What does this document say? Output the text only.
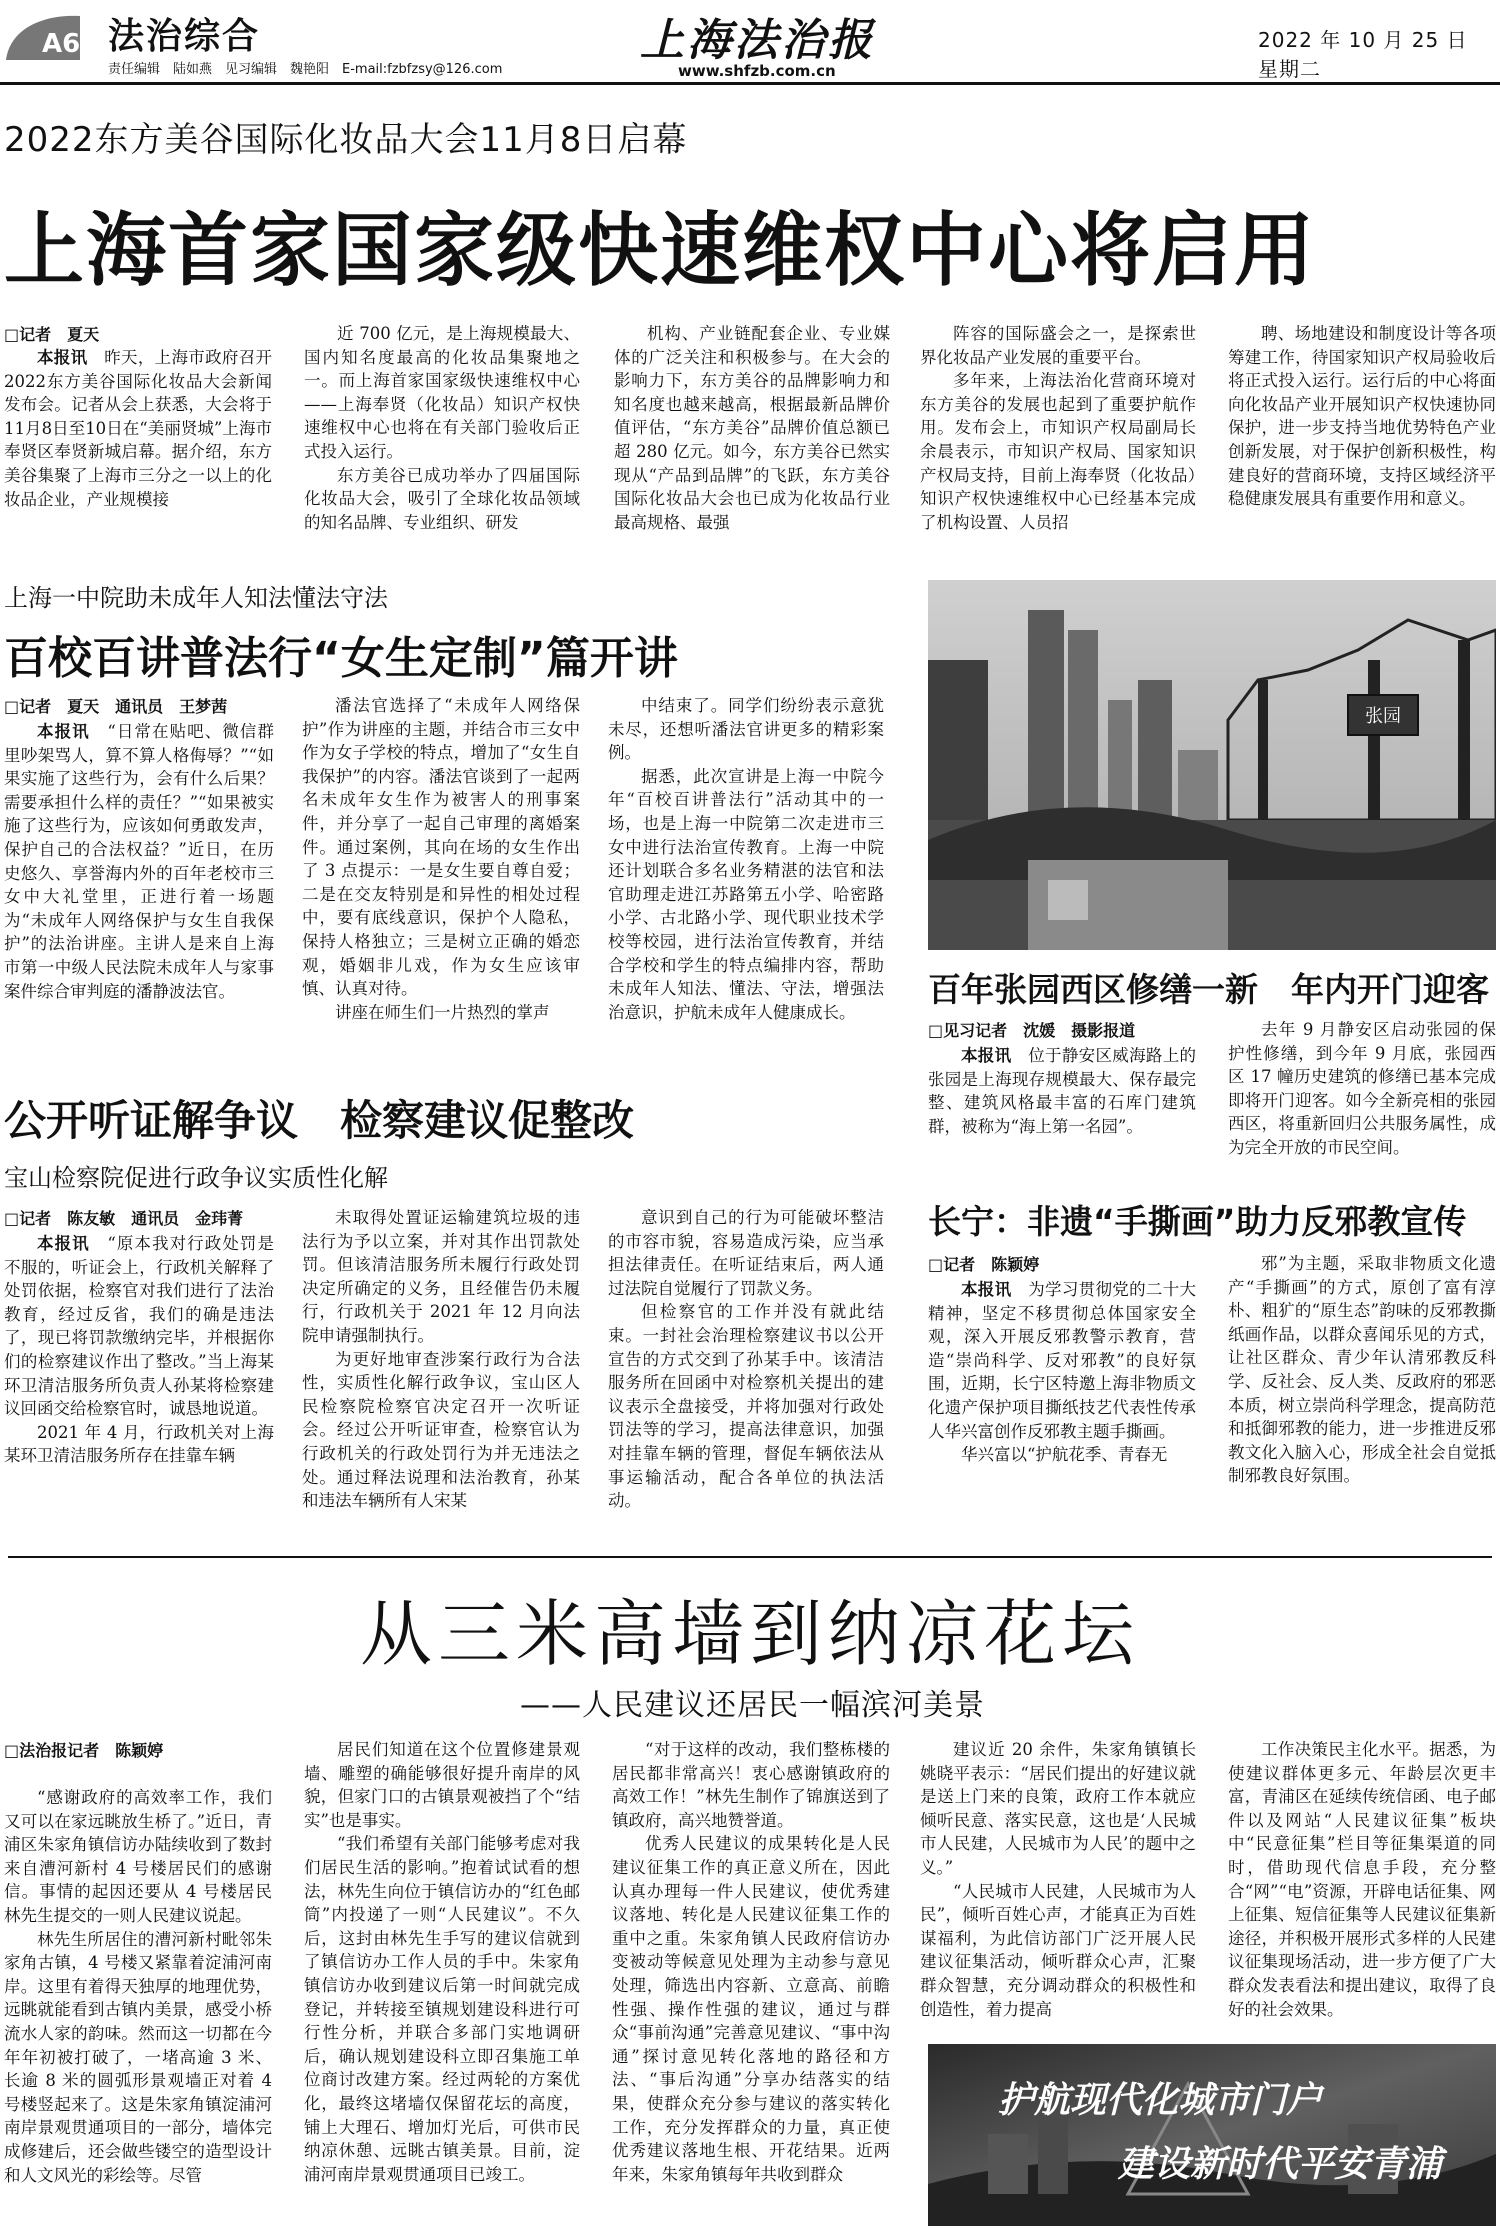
A6 法治综合
责任编辑　陆如燕　见习编辑　魏艳阳　E-mail:fzbfzsy@126.com
上海法治报
www.shfzb.com.cn
2022 年 10 月 25 日　星期二
2022东方美谷国际化妆品大会11月8日启幕
上海首家国家级快速维权中心将启用
□记者　夏天

本报讯　昨天，上海市政府召开2022东方美谷国际化妆品大会新闻发布会。记者从会上获悉，大会将于11月8日至10日在“美丽贤城”上海市奉贤区奉贤新城启幕。据介绍，东方美谷集聚了上海市三分之一以上的化妆品企业，产业规模接

近 700 亿元，是上海规模最大、国内知名度最高的化妆品集聚地之一。而上海首家国家级快速维权中心——上海奉贤（化妆品）知识产权快速维权中心也将在有关部门验收后正式投入运行。

东方美谷已成功举办了四届国际化妆品大会，吸引了全球化妆品领域的知名品牌、专业组织、研发

机构、产业链配套企业、专业媒体的广泛关注和积极参与。在大会的影响力下，东方美谷的品牌影响力和知名度也越来越高，根据最新品牌价值评估，“东方美谷”品牌价值总额已超 280 亿元。如今，东方美谷已然实现从“产品到品牌”的飞跃，东方美谷国际化妆品大会也已成为化妆品行业最高规格、最强

阵容的国际盛会之一，是探索世界化妆品产业发展的重要平台。

多年来，上海法治化营商环境对东方美谷的发展也起到了重要护航作用。发布会上，市知识产权局副局长余晨表示，市知识产权局、国家知识产权局支持，目前上海奉贤（化妆品）知识产权快速维权中心已经基本完成了机构设置、人员招

聘、场地建设和制度设计等各项筹建工作，待国家知识产权局验收后将正式投入运行。运行后的中心将面向化妆品产业开展知识产权快速协同保护，进一步支持当地优势特色产业创新发展，对于保护创新积极性，构建良好的营商环境，支持区域经济平稳健康发展具有重要作用和意义。

上海一中院助未成年人知法懂法守法
百校百讲普法行“女生定制”篇开讲
□记者　夏天　通讯员　王梦茜

本报讯　“日常在贴吧、微信群里吵架骂人，算不算人格侮辱？”“如果实施了这些行为，会有什么后果？需要承担什么样的责任？”“如果被实施了这些行为，应该如何勇敢发声，保护自己的合法权益？”近日，在历史悠久、享誉海内外的百年老校市三女中大礼堂里，正进行着一场题为“未成年人网络保护与女生自我保护”的法治讲座。主讲人是来自上海市第一中级人民法院未成年人与家事案件综合审判庭的潘静波法官。

潘法官选择了“未成年人网络保护”作为讲座的主题，并结合市三女中作为女子学校的特点，增加了“女生自我保护”的内容。潘法官谈到了一起两名未成年女生作为被害人的刑事案件，并分享了一起自己审理的离婚案件。通过案例，其向在场的女生作出了 3 点提示：一是女生要自尊自爱；二是在交友特别是和异性的相处过程中，要有底线意识，保护个人隐私，保持人格独立；三是树立正确的婚恋观，婚姻非儿戏，作为女生应该审慎、认真对待。

讲座在师生们一片热烈的掌声

中结束了。同学们纷纷表示意犹未尽，还想听潘法官讲更多的精彩案例。

据悉，此次宣讲是上海一中院今年“百校百讲普法行”活动其中的一场，也是上海一中院第二次走进市三女中进行法治宣传教育。上海一中院还计划联合多名业务精湛的法官和法官助理走进江苏路第五小学、哈密路小学、古北路小学、现代职业技术学校等校园，进行法治宣传教育，并结合学校和学生的特点编排内容，帮助未成年人知法、懂法、守法，增强法治意识，护航未成年人健康成长。

张园
百年张园西区修缮一新　年内开门迎客
□见习记者　沈媛　摄影报道

本报讯　位于静安区威海路上的张园是上海现存规模最大、保存最完整、建筑风格最丰富的石库门建筑群，被称为“海上第一名园”。

去年 9 月静安区启动张园的保护性修缮，到今年 9 月底，张园西区 17 幢历史建筑的修缮已基本完成即将开门迎客。如今全新亮相的张园西区，将重新回归公共服务属性，成为完全开放的市民空间。

公开听证解争议　检察建议促整改
宝山检察院促进行政争议实质性化解
□记者　陈友敏　通讯员　金玮菁

本报讯　“原本我对行政处罚是不服的，听证会上，行政机关解释了处罚依据，检察官对我们进行了法治教育，经过反省，我们的确是违法了，现已将罚款缴纳完毕，并根据你们的检察建议作出了整改。”当上海某环卫清洁服务所负责人孙某将检察建议回函交给检察官时，诚恳地说道。

2021 年 4 月，行政机关对上海某环卫清洁服务所存在挂靠车辆

未取得处置证运输建筑垃圾的违法行为予以立案，并对其作出罚款处罚。但该清洁服务所未履行行政处罚决定所确定的义务，且经催告仍未履行，行政机关于 2021 年 12 月向法院申请强制执行。

为更好地审查涉案行政行为合法性，实质性化解行政争议，宝山区人民检察院检察官决定召开一次听证会。经过公开听证审查，检察官认为行政机关的行政处罚行为并无违法之处。通过释法说理和法治教育，孙某和违法车辆所有人宋某

意识到自己的行为可能破坏整洁的市容市貌，容易造成污染，应当承担法律责任。在听证结束后，两人通过法院自觉履行了罚款义务。

但检察官的工作并没有就此结束。一封社会治理检察建议书以公开宣告的方式交到了孙某手中。该清洁服务所在回函中对检察机关提出的建议表示全盘接受，并将加强对行政处罚法等的学习，提高法律意识，加强对挂靠车辆的管理，督促车辆依法从事运输活动，配合各单位的执法活动。

长宁：非遗“手撕画”助力反邪教宣传
□记者　陈颖婷

本报讯　为学习贯彻党的二十大精神，坚定不移贯彻总体国家安全观，深入开展反邪教警示教育，营造“崇尚科学、反对邪教”的良好氛围，近期，长宁区特邀上海非物质文化遗产保护项目撕纸技艺代表性传承人华兴富创作反邪教主题手撕画。

华兴富以“护航花季、青春无

邪”为主题，采取非物质文化遗产“手撕画”的方式，原创了富有淳朴、粗犷的“原生态”韵味的反邪教撕纸画作品，以群众喜闻乐见的方式，让社区群众、青少年认清邪教反科学、反社会、反人类、反政府的邪恶本质，树立崇尚科学理念，提高防范和抵御邪教的能力，进一步推进反邪教文化入脑入心，形成全社会自觉抵制邪教良好氛围。

从三米高墙到纳凉花坛
——人民建议还居民一幅滨河美景
□法治报记者　陈颖婷

“感谢政府的高效率工作，我们又可以在家远眺放生桥了。”近日，青浦区朱家角镇信访办陆续收到了数封来自漕河新村 4 号楼居民们的感谢信。事情的起因还要从 4 号楼居民林先生提交的一则人民建议说起。

林先生所居住的漕河新村毗邻朱家角古镇，4 号楼又紧靠着淀浦河南岸。这里有着得天独厚的地理优势，远眺就能看到古镇内美景，感受小桥流水人家的韵味。然而这一切都在今年年初被打破了，一堵高逾 3 米、长逾 8 米的圆弧形景观墙正对着 4 号楼竖起来了。这是朱家角镇淀浦河南岸景观贯通项目的一部分，墙体完成修建后，还会做些镂空的造型设计和人文风光的彩绘等。尽管

居民们知道在这个位置修建景观墙、雕塑的确能够很好提升南岸的风貌，但家门口的古镇景观被挡了个“结实”也是事实。

“我们希望有关部门能够考虑对我们居民生活的影响。”抱着试试看的想法，林先生向位于镇信访办的“红色邮筒”内投递了一则“人民建议”。不久后，这封由林先生手写的建议信就到了镇信访办工作人员的手中。朱家角镇信访办收到建议后第一时间就完成登记，并转接至镇规划建设科进行可行性分析，并联合多部门实地调研后，确认规划建设科立即召集施工单位商讨改建方案。经过两轮的方案优化，最终这堵墙仅保留花坛的高度，铺上大理石、增加灯光后，可供市民纳凉休憩、远眺古镇美景。目前，淀浦河南岸景观贯通项目已竣工。

“对于这样的改动，我们整栋楼的居民都非常高兴！衷心感谢镇政府的高效工作！”林先生制作了锦旗送到了镇政府，高兴地赞誉道。

优秀人民建议的成果转化是人民建议征集工作的真正意义所在，因此认真办理每一件人民建议，使优秀建议落地、转化是人民建议征集工作的重中之重。朱家角镇人民政府信访办变被动等候意见处理为主动参与意见处理，筛选出内容新、立意高、前瞻性强、操作性强的建议，通过与群众“事前沟通”完善意见建议、“事中沟通”探讨意见转化落地的路径和方法、“事后沟通”分享办结落实的结果，使群众充分参与建议的落实转化工作，充分发挥群众的力量，真正使优秀建议落地生根、开花结果。近两年来，朱家角镇每年共收到群众

建议近 20 余件，朱家角镇镇长姚晓平表示：“居民们提出的好建议就是送上门来的良策，政府工作本就应倾听民意、落实民意，这也是‘人民城市人民建，人民城市为人民’的题中之义。”

“人民城市人民建，人民城市为人民”，倾听百姓心声，才能真正为百姓谋福利，为此信访部门广泛开展人民建议征集活动，倾听群众心声，汇聚群众智慧，充分调动群众的积极性和创造性，着力提高

工作决策民主化水平。据悉，为使建议群体更多元、年龄层次更丰富，青浦区在延续传统信函、电子邮件以及网站“人民建议征集”板块中“民意征集”栏目等征集渠道的同时，借助现代信息手段，充分整合“网”“电”资源，开辟电话征集、网上征集、短信征集等人民建议征集新途径，并积极开展形式多样的人民建议征集现场活动，进一步方便了广大群众发表看法和提出建议，取得了良好的社会效果。

护航现代化城市门户
建设新时代平安青浦
